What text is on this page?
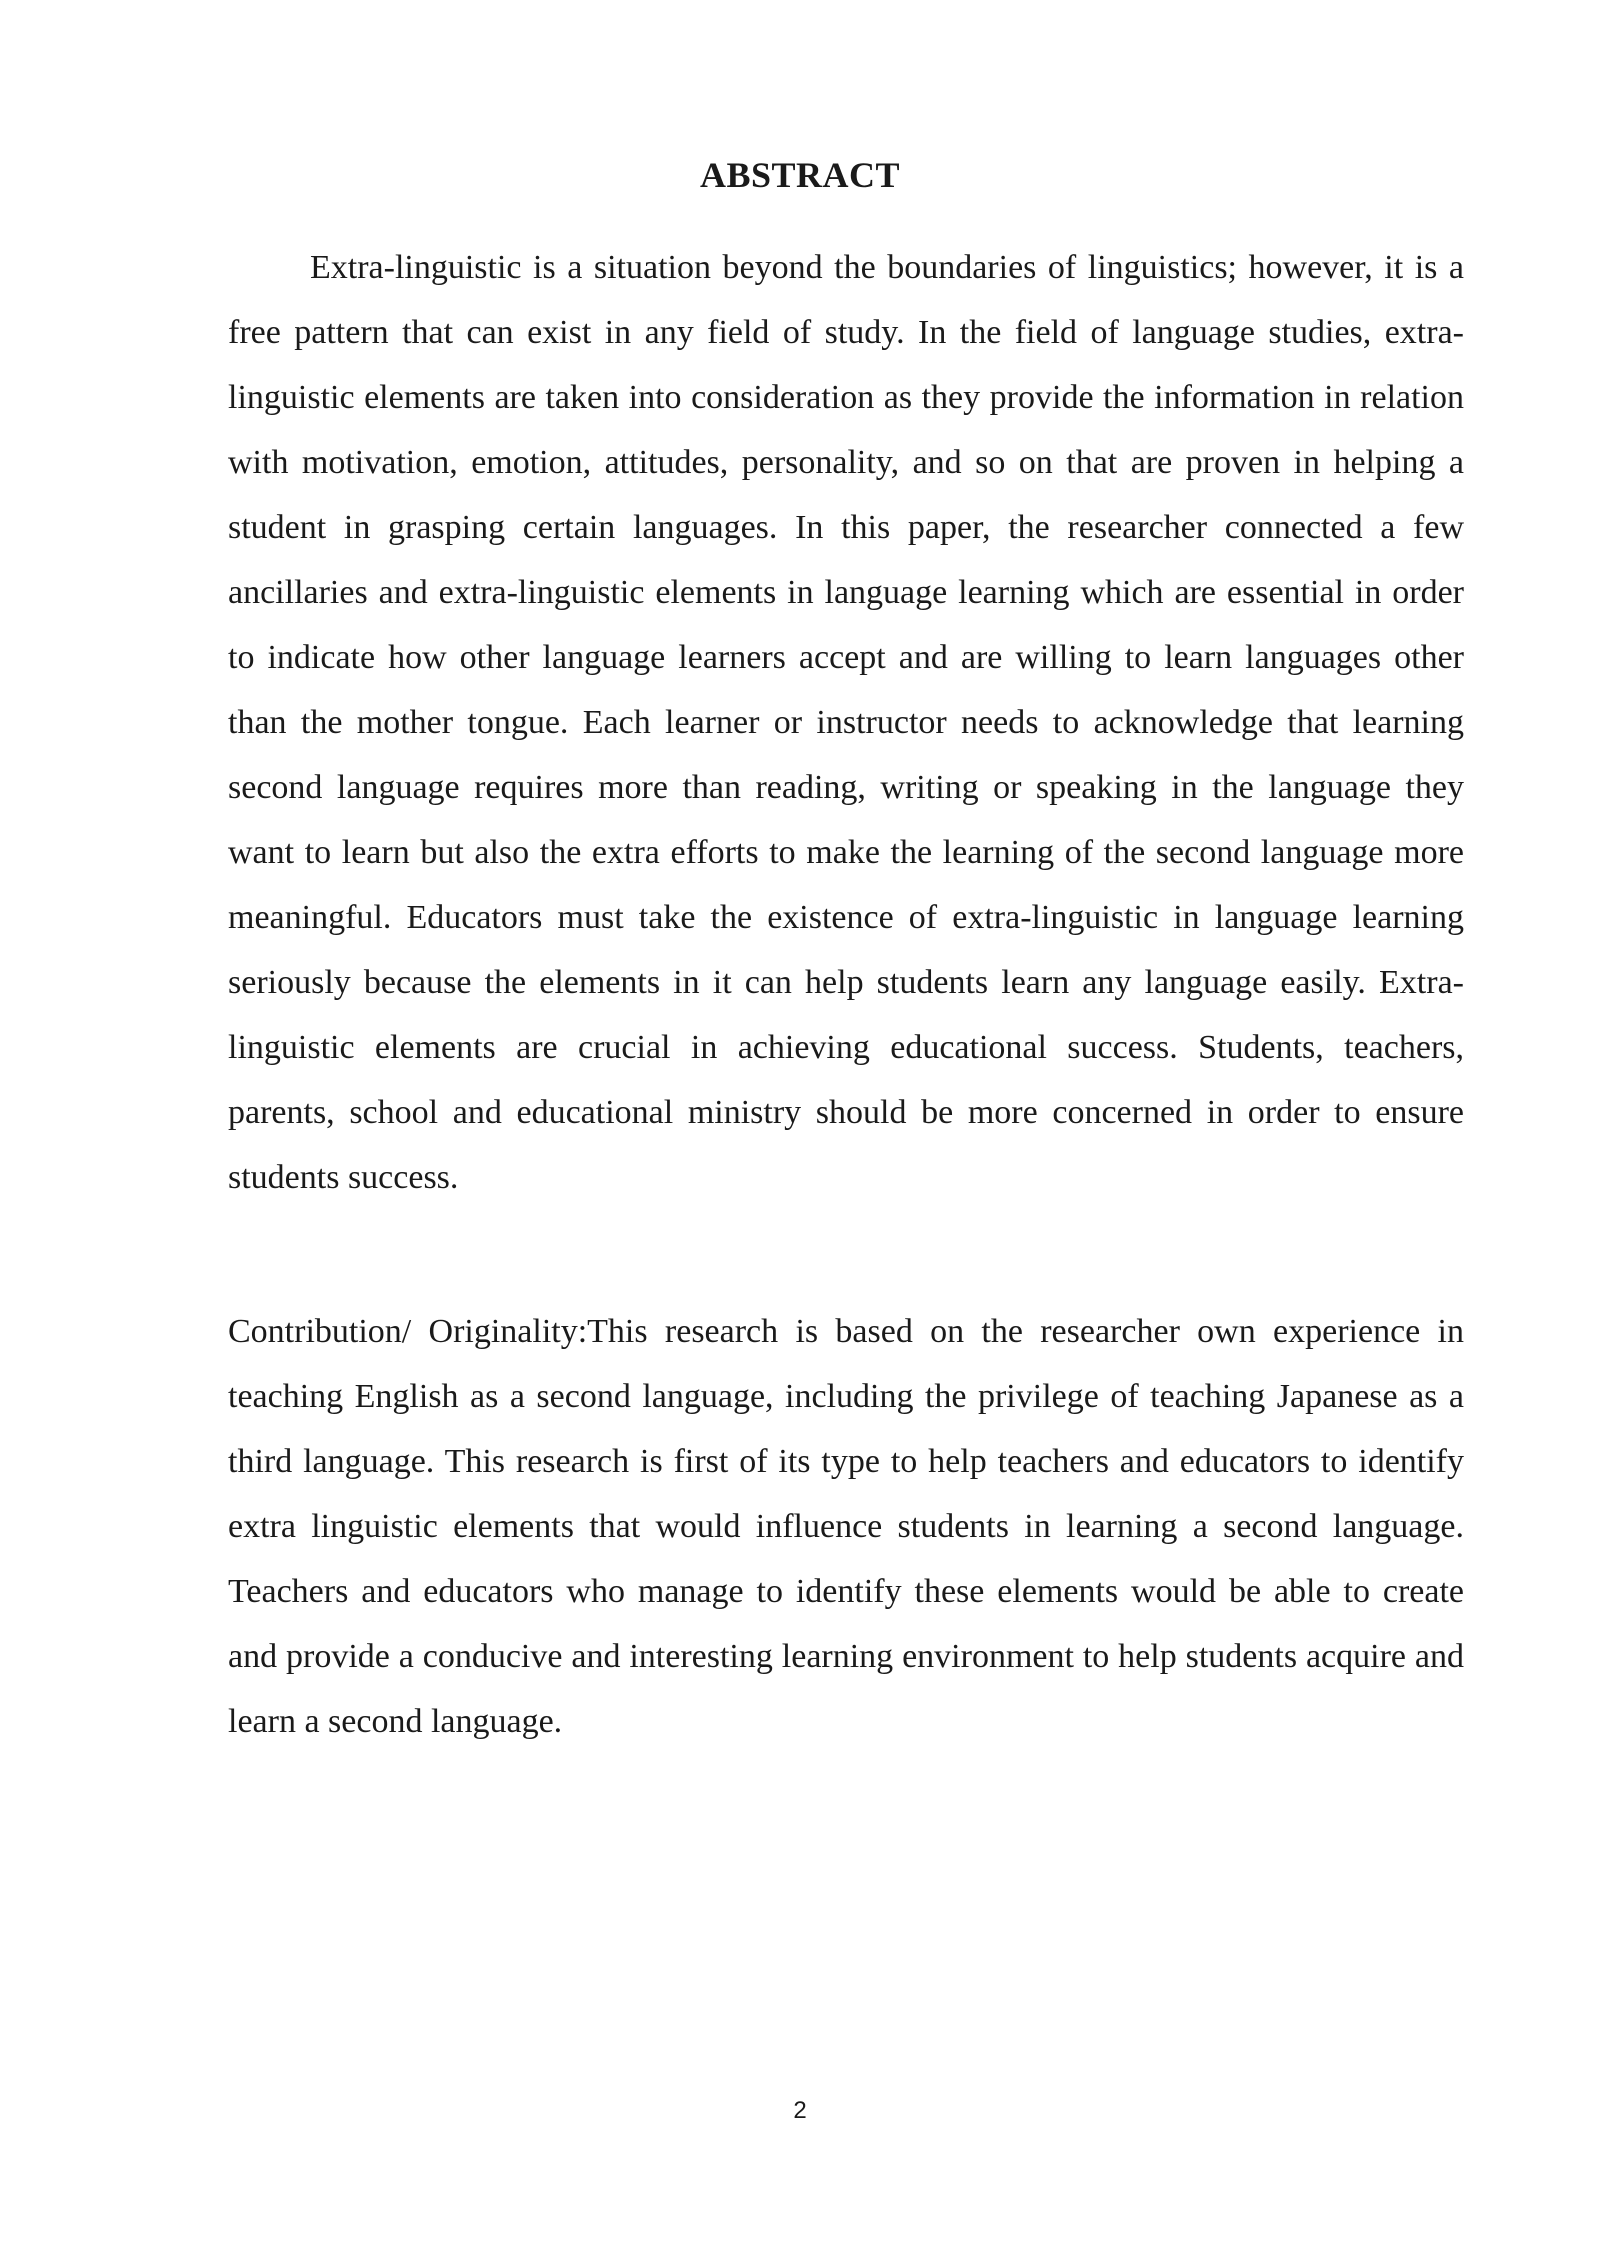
ABSTRACT

Extra-linguistic is a situation beyond the boundaries of linguistics; however, it is a free pattern that can exist in any field of study. In the field of language studies, extra-linguistic elements are taken into consideration as they provide the information in relation with motivation, emotion, attitudes, personality, and so on that are proven in helping a student in grasping certain languages. In this paper, the researcher connected a few ancillaries and extra-linguistic elements in language learning which are essential in order to indicate how other language learners accept and are willing to learn languages other than the mother tongue. Each learner or instructor needs to acknowledge that learning second language requires more than reading, writing or speaking in the language they want to learn but also the extra efforts to make the learning of the second language more meaningful. Educators must take the existence of extra-linguistic in language learning seriously because the elements in it can help students learn any language easily. Extra-linguistic elements are crucial in achieving educational success. Students, teachers, parents, school and educational ministry should be more concerned in order to ensure students success.

Contribution/ Originality:This research is based on the researcher own experience in teaching English as a second language, including the privilege of teaching Japanese as a third language. This research is first of its type to help teachers and educators to identify extra linguistic elements that would influence students in learning a second language. Teachers and educators who manage to identify these elements would be able to create and provide a conducive and interesting learning environment to help students acquire and learn a second language.

2
